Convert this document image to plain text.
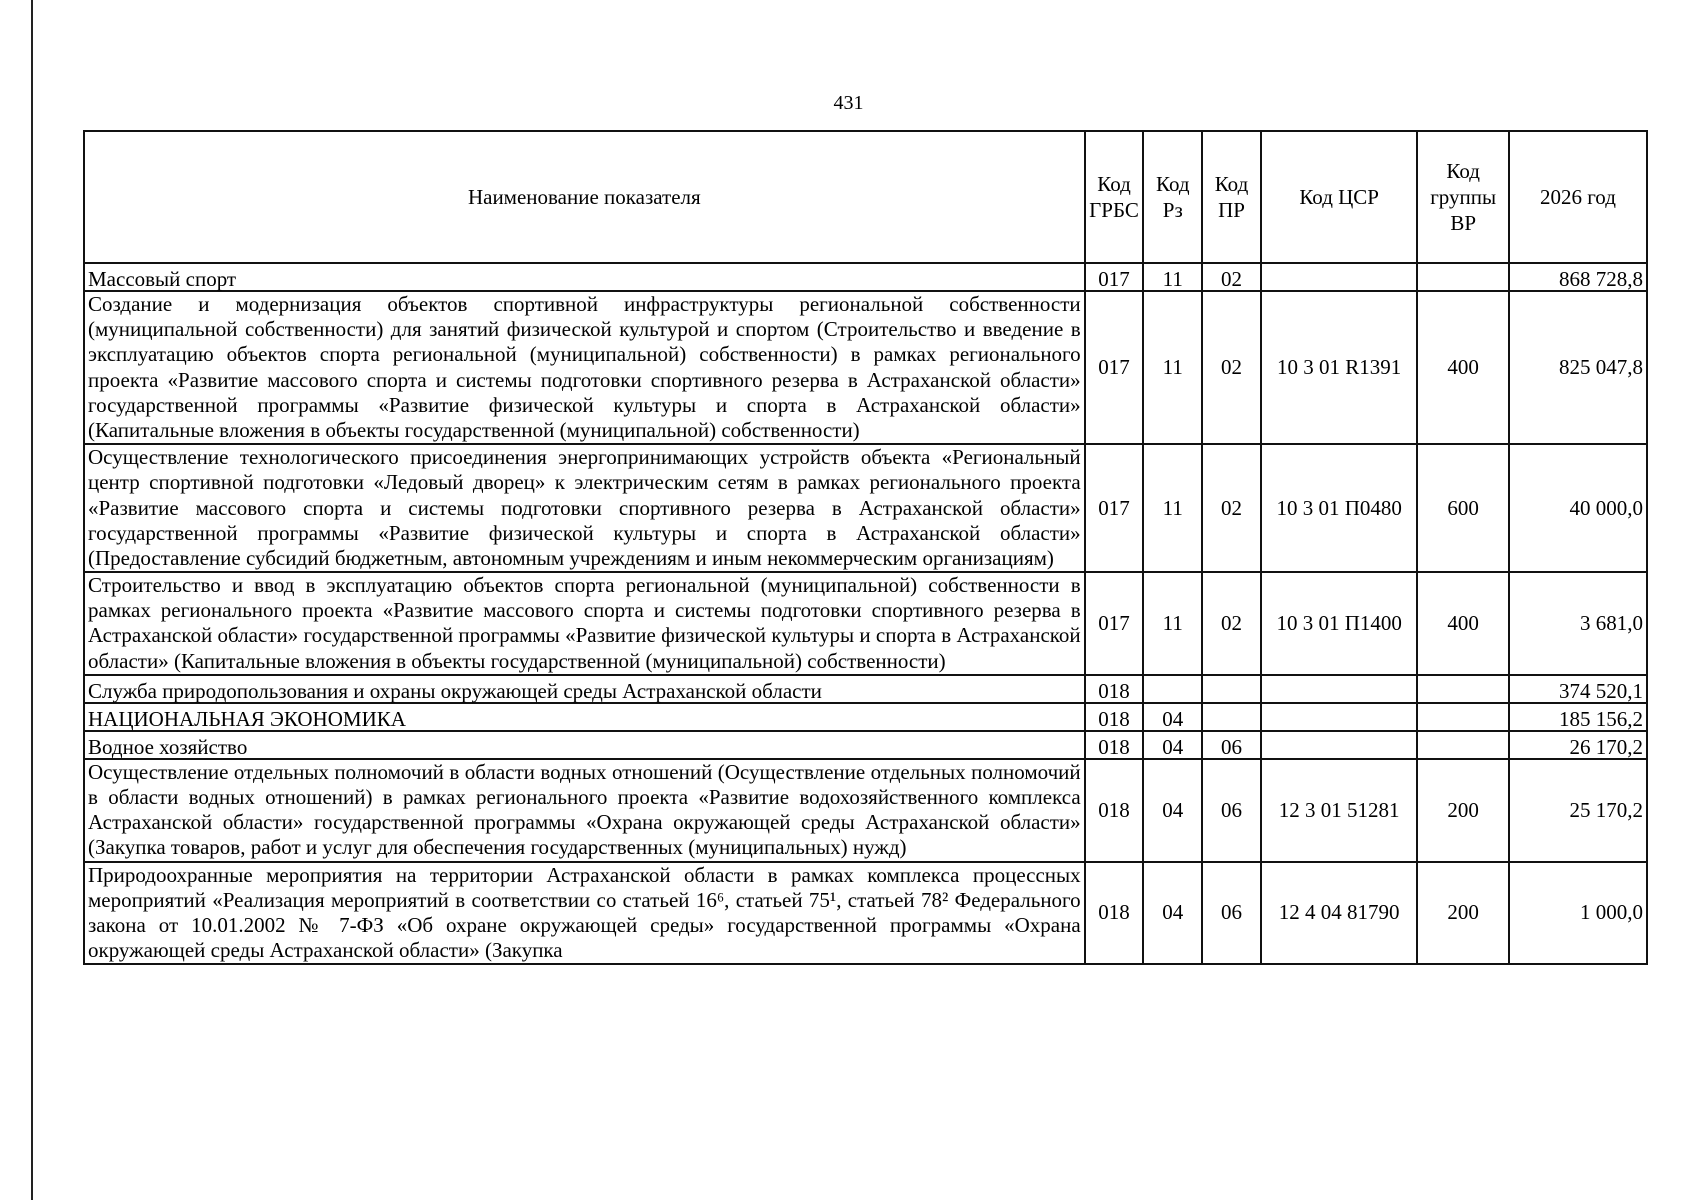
431
Наименование показателя	Код ГРБС	Код Рз	Код ПР	Код ЦСР	Код группы ВР	2026 год
Массовый спорт	017	11	02			868 728,8
Создание и модернизация объектов спортивной инфраструктуры региональной собственности (муниципальной собственности) для занятий физической культурой и спортом (Строительство и введение в эксплуатацию объектов спорта региональной (муниципальной) собственности) в рамках регионального проекта «Развитие массового спорта и системы подготовки спортивного резерва в Астраханской области» государственной программы «Развитие физической культуры и спорта в Астраханской области» (Капитальные вложения в объекты государственной (муниципальной) собственности)	017	11	02	10 3 01 R1391	400	825 047,8
Осуществление технологического присоединения энергопринимающих устройств объекта «Региональный центр спортивной подготовки «Ледовый дворец» к электрическим сетям в рамках регионального проекта «Развитие массового спорта и системы подготовки спортивного резерва в Астраханской области» государственной программы «Развитие физической культуры и спорта в Астраханской области» (Предоставление субсидий бюджетным, автономным учреждениям и иным некоммерческим организациям)	017	11	02	10 3 01 П0480	600	40 000,0
Строительство и ввод в эксплуатацию объектов спорта региональной (муниципальной) собственности в рамках регионального проекта «Развитие массового спорта и системы подготовки спортивного резерва в Астраханской области» государственной программы «Развитие физической культуры и спорта в Астраханской области» (Капитальные вложения в объекты государственной (муниципальной) собственности)	017	11	02	10 3 01 П1400	400	3 681,0
Служба природопользования и охраны окружающей среды Астраханской области	018					374 520,1
НАЦИОНАЛЬНАЯ ЭКОНОМИКА	018	04				185 156,2
Водное хозяйство	018	04	06			26 170,2
Осуществление отдельных полномочий в области водных отношений (Осуществление отдельных полномочий в области водных отношений) в рамках регионального проекта «Развитие водохозяйственного комплекса Астраханской области» государственной программы «Охрана окружающей среды Астраханской области» (Закупка товаров, работ и услуг для обеспечения государственных (муниципальных) нужд)	018	04	06	12 3 01 51281	200	25 170,2
Природоохранные мероприятия на территории Астраханской области в рамках комплекса процессных мероприятий «Реализация мероприятий в соответствии со статьей 16⁶, статьей 75¹, статьей 78² Федерального закона от 10.01.2002 № 7-ФЗ «Об охране окружающей среды» государственной программы «Охрана окружающей среды Астраханской области» (Закупка	018	04	06	12 4 04 81790	200	1 000,0
